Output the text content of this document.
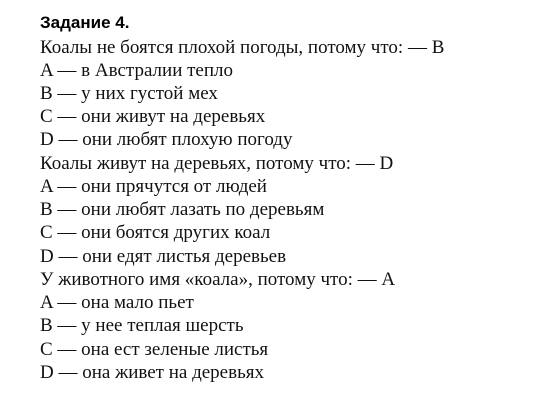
Задание 4.
Коалы не боятся плохой погоды, потому что: — B
A — в Австралии тепло
B — у них густой мех
C — они живут на деревьях
D — они любят плохую погоду
Коалы живут на деревьях, потому что: — D
A — они прячутся от людей
B — они любят лазать по деревьям
C — они боятся других коал
D — они едят листья деревьев
У животного имя «коала», потому что: — A
A — она мало пьет
B — у нее теплая шерсть
C — она ест зеленые листья
D — она живет на деревьях
